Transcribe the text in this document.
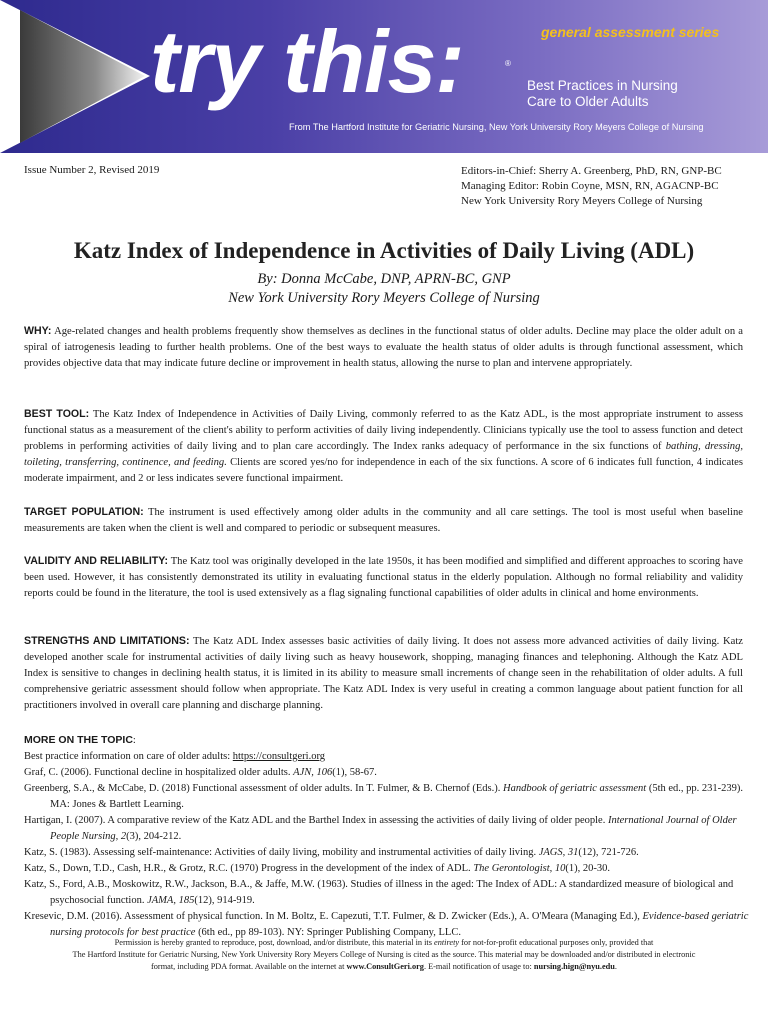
general assessment series
try this:	®
Best Practices in Nursing
Care to Older Adults
From The Hartford Institute for Geriatric Nursing, New York University Rory Meyers College of Nursing
Issue Number 2, Revised 2019	Editors-in-Chief: Sherry A. Greenberg, PhD, RN, GNP-BC
Managing Editor: Robin Coyne, MSN, RN, AGACNP-BC
New York University Rory Meyers College of Nursing
Katz Index of Independence in Activities of Daily Living (ADL)
By: Donna McCabe, DNP, APRN-BC, GNP
New York University Rory Meyers College of Nursing
WHY: Age-related changes and health problems frequently show themselves as declines in the functional status of older adults. Decline may place the older adult on a spiral of iatrogenesis leading to further health problems. One of the best ways to evaluate the health status of older adults is through functional assessment, which provides objective data that may indicate future decline or improvement in health status, allowing the nurse to plan and intervene appropriately.
BEST TOOL: The Katz Index of Independence in Activities of Daily Living, commonly referred to as the Katz ADL, is the most appropriate instrument to assess functional status as a measurement of the client's ability to perform activities of daily living independently. Clinicians typically use the tool to assess function and detect problems in performing activities of daily living and to plan care accordingly. The Index ranks adequacy of performance in the six functions of bathing, dressing, toileting, transferring, continence, and feeding. Clients are scored yes/no for independence in each of the six functions. A score of 6 indicates full function, 4 indicates moderate impairment, and 2 or less indicates severe functional impairment.
TARGET POPULATION: The instrument is used effectively among older adults in the community and all care settings. The tool is most useful when baseline measurements are taken when the client is well and compared to periodic or subsequent measures.
VALIDITY AND RELIABILITY: The Katz tool was originally developed in the late 1950s, it has been modified and simplified and different approaches to scoring have been used. However, it has consistently demonstrated its utility in evaluating functional status in the elderly population. Although no formal reliability and validity reports could be found in the literature, the tool is used extensively as a flag signaling functional capabilities of older adults in clinical and home environments.
STRENGTHS AND LIMITATIONS: The Katz ADL Index assesses basic activities of daily living. It does not assess more advanced activities of daily living. Katz developed another scale for instrumental activities of daily living such as heavy housework, shopping, managing finances and telephoning. Although the Katz ADL Index is sensitive to changes in declining health status, it is limited in its ability to measure small increments of change seen in the rehabilitation of older adults. A full comprehensive geriatric assessment should follow when appropriate. The Katz ADL Index is very useful in creating a common language about patient function for all practitioners involved in overall care planning and discharge planning.
MORE ON THE TOPIC:
Best practice information on care of older adults: https://consultgeri.org

Graf, C. (2006). Functional decline in hospitalized older adults. AJN, 106(1), 58-67.

Greenberg, S.A., & McCabe, D. (2018) Functional assessment of older adults. In T. Fulmer, & B. Chernof (Eds.). Handbook of geriatric assessment (5th ed., pp. 231-239). MA: Jones & Bartlett Learning.

Hartigan, I. (2007). A comparative review of the Katz ADL and the Barthel Index in assessing the activities of daily living of older people. International Journal of Older People Nursing, 2(3), 204-212.

Katz, S. (1983). Assessing self-maintenance: Activities of daily living, mobility and instrumental activities of daily living. JAGS, 31(12), 721-726.

Katz, S., Down, T.D., Cash, H.R., & Grotz, R.C. (1970) Progress in the development of the index of ADL. The Gerontologist, 10(1), 20-30.

Katz, S., Ford, A.B., Moskowitz, R.W., Jackson, B.A., & Jaffe, M.W. (1963). Studies of illness in the aged: The Index of ADL: A standardized measure of biological and psychosocial function. JAMA, 185(12), 914-919.

Kresevic, D.M. (2016). Assessment of physical function. In M. Boltz, E. Capezuti, T.T. Fulmer, & D. Zwicker (Eds.), A. O'Meara (Managing Ed.), Evidence-based geriatric nursing protocols for best practice (6th ed., pp 89-103). NY: Springer Publishing Company, LLC.

Permission is hereby granted to reproduce, post, download, and/or distribute, this material in its entirety for not-for-profit educational purposes only, provided that
The Hartford Institute for Geriatric Nursing, New York University Rory Meyers College of Nursing is cited as the source. This material may be downloaded and/or distributed in electronic
format, including PDA format. Available on the internet at www.ConsultGeri.org. E-mail notification of usage to: nursing.hign@nyu.edu.
